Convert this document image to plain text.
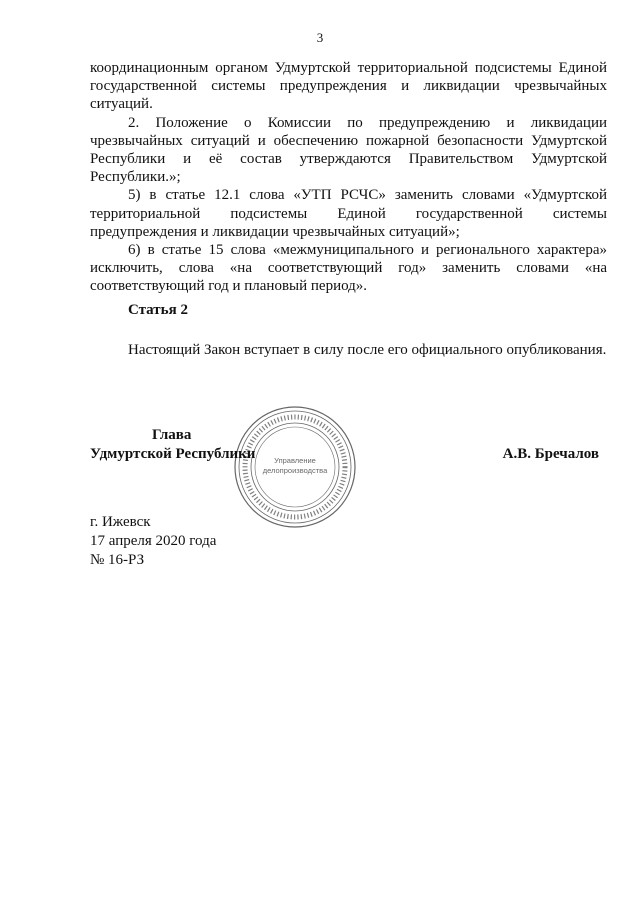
3

координационным органом Удмуртской территориальной подсистемы Единой государственной системы предупреждения и ликвидации чрезвычайных ситуаций.

2. Положение о Комиссии по предупреждению и ликвидации чрезвычайных ситуаций и обеспечению пожарной безопасности Удмуртской Республики и её состав утверждаются Правительством Удмуртской Республики.»;

5) в статье 12.1 слова «УТП РСЧС» заменить словами «Удмуртской территориальной подсистемы Единой государственной системы предупреждения и ликвидации чрезвычайных ситуаций»;

6) в статье 15 слова «межмуниципального и регионального характера» исключить, слова «на соответствующий год» заменить словами «на соответствующий год и плановый период».

Статья 2

Настоящий Закон вступает в силу после его официального опубликования.

Управление
делопроизводства
Глава
Удмуртской Республики	А.В. Бречалов
г. Ижевск
17 апреля 2020 года
№ 16-РЗ
